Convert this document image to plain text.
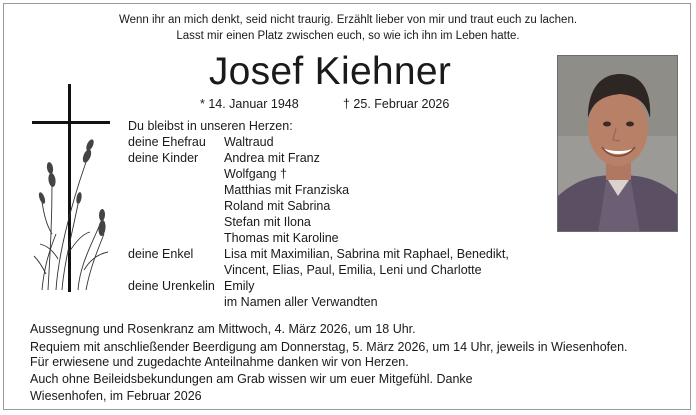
Wenn ihr an mich denkt, seid nicht traurig. Erzählt lieber von mir und traut euch zu lachen.
Lasst mir einen Platz zwischen euch, so wie ich ihn im Leben hatte.
Josef Kiehner
* 14. Januar 1948	† 25. Februar 2026
Du bleibst in unseren Herzen:
deine Ehefrau Waltraud
deine Kinder Andrea mit Franz
Wolfgang †
Matthias mit Franziska
Roland mit Sabrina
Stefan mit Ilona
Thomas mit Karoline
deine Enkel Lisa mit Maximilian, Sabrina mit Raphael, Benedikt,
Vincent, Elias, Paul, Emilia, Leni und Charlotte
deine Urenkelin Emily
im Namen aller Verwandten
Aussegnung und Rosenkranz am Mittwoch, 4. März 2026, um 18 Uhr.
Requiem mit anschließender Beerdigung am Donnerstag, 5. März 2026, um 14 Uhr, jeweils in Wiesenhofen.
Für erwiesene und zugedachte Anteilnahme danken wir von Herzen.
Auch ohne Beileidsbekundungen am Grab wissen wir um euer Mitgefühl. Danke
Wiesenhofen, im Februar 2026
